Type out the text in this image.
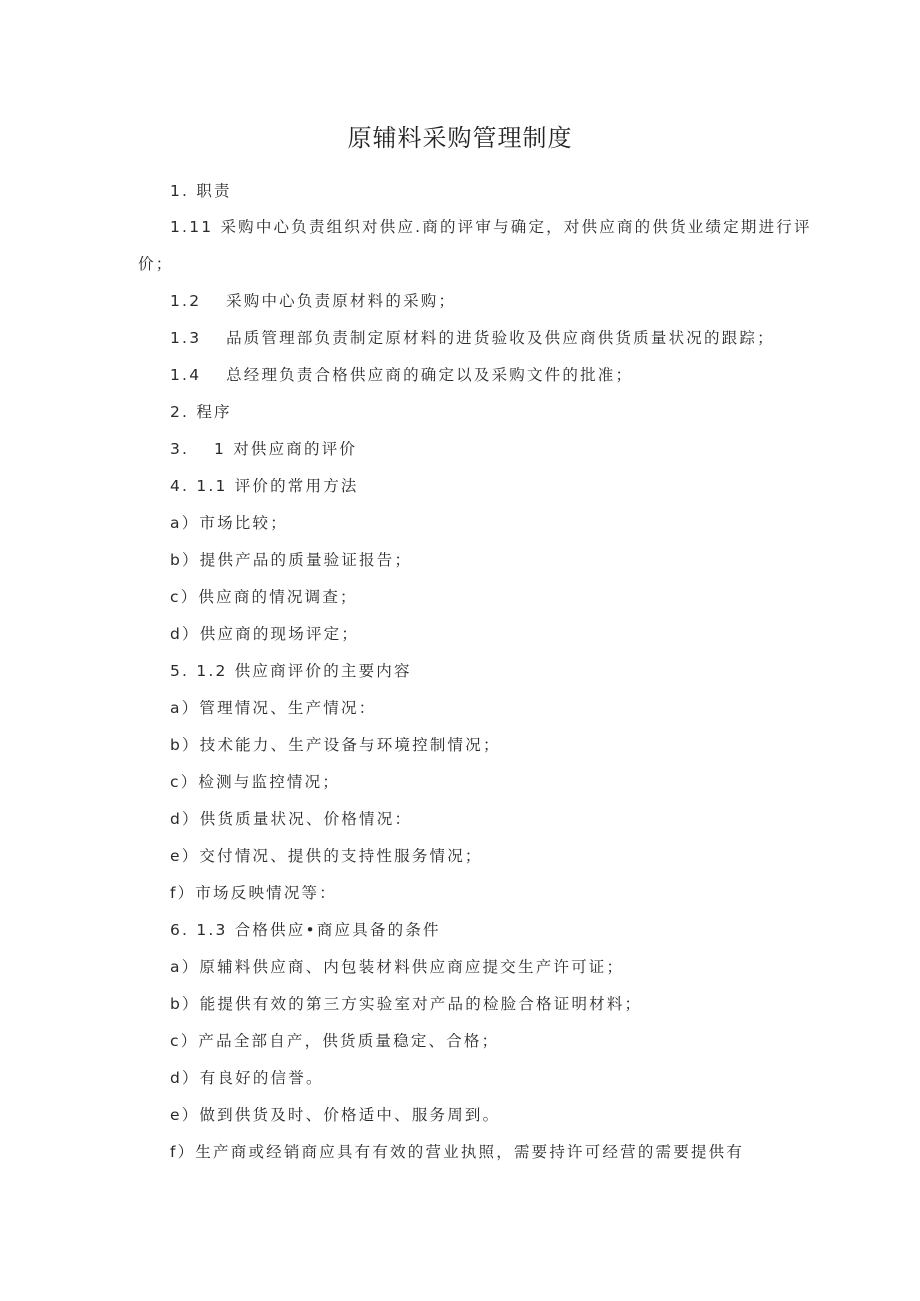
原辅料采购管理制度
1. 职责
1.11 采购中心负责组织对供应.商的评审与确定，对供应商的供货业绩定期进行评
价；
1.2　 采购中心负责原材料的采购；
1.3　 品质管理部负责制定原材料的进货验收及供应商供货质量状况的跟踪；
1.4　 总经理负责合格供应商的确定以及采购文件的批准；
2. 程序
3.　 1 对供应商的评价
4. 1.1 评价的常用方法
a）市场比较；
b）提供产品的质量验证报告；
c）供应商的情况调查；
d）供应商的现场评定；
5. 1.2 供应商评价的主要内容
a）管理情况、生产情况：
b）技术能力、生产设备与环境控制情况；
c）检测与监控情况；
d）供货质量状况、价格情况：
e）交付情况、提供的支持性服务情况；
f）市场反映情况等：
6. 1.3 合格供应•商应具备的条件
a）原辅料供应商、内包装材料供应商应提交生产许可证；
b）能提供有效的第三方实验室对产品的检脸合格证明材料；
c）产品全部自产，供货质量稳定、合格；
d）有良好的信誉。
e）做到供货及时、价格适中、服务周到。
f）生产商或经销商应具有有效的营业执照，需要持许可经营的需要提供有
